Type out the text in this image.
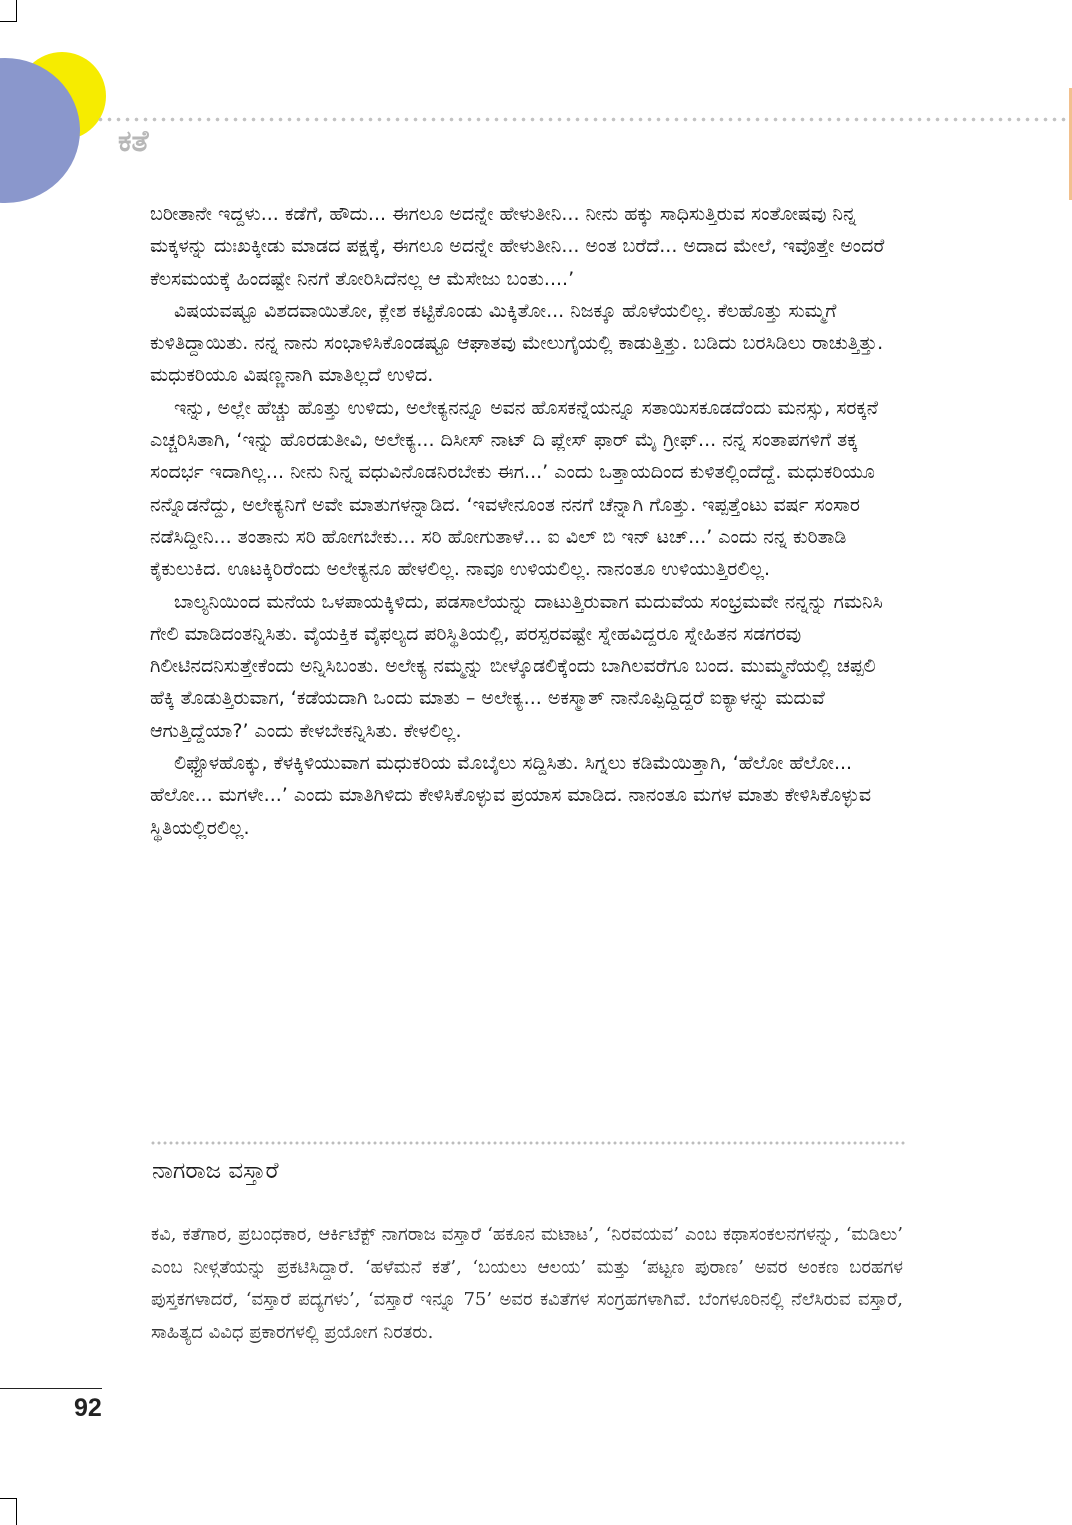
ಕತೆ

ಬರೀತಾನೇ ಇದ್ದಳು... ಕಡೆಗೆ, ಹೌದು... ಈಗಲೂ ಅದನ್ನೇ ಹೇಳುತೀನಿ... ನೀನು ಹಕ್ಕು ಸಾಧಿಸುತ್ತಿರುವ ಸಂತೋಷವು ನಿನ್ನ ಮಕ್ಕಳನ್ನು ದುಃಖಕ್ಕೀಡು ಮಾಡದ ಪಕ್ಷಕ್ಕೆ, ಈಗಲೂ ಅದನ್ನೇ ಹೇಳುತೀನಿ... ಅಂತ ಬರೆದೆ... ಅದಾದ ಮೇಲೆ, ಇವೊತ್ತೇ ಅಂದರೆ ಕೆಲಸಮಯಕ್ಕೆ ಹಿಂದಷ್ಟೇ ನಿನಗೆ ತೋರಿಸಿದೆನಲ್ಲ ಆ ಮೆಸೇಜು ಬಂತು....’

ವಿಷಯವಷ್ಟೂ ವಿಶದವಾಯಿತೋ, ಕ್ಲೇಶ ಕಟ್ಟಿಕೊಂಡು ಮಿಕ್ಕಿತೋ... ನಿಜಕ್ಕೂ ಹೊಳೆಯಲಿಲ್ಲ. ಕೆಲಹೊತ್ತು ಸುಮ್ಮಗೆ ಕುಳಿತಿದ್ದಾಯಿತು. ನನ್ನ ನಾನು ಸಂಭಾಳಿಸಿಕೊಂಡಷ್ಟೂ ಆಘಾತವು ಮೇಲುಗೈಯಲ್ಲಿ ಕಾಡುತ್ತಿತ್ತು. ಬಡಿದು ಬರಸಿಡಿಲು ರಾಚುತ್ತಿತ್ತು. ಮಧುಕರಿಯೂ ವಿಷಣ್ಣನಾಗಿ ಮಾತಿಲ್ಲದೆ ಉಳಿದ.

ಇನ್ನು, ಅಲ್ಲೇ ಹೆಚ್ಚು ಹೊತ್ತು ಉಳಿದು, ಅಲೇಕ್ಯನನ್ನೂ ಅವನ ಹೊಸಕನ್ನೆಯನ್ನೂ ಸತಾಯಿಸಕೂಡದೆಂದು ಮನಸ್ಸು, ಸರಕ್ಕನೆ ಎಚ್ಚರಿಸಿತಾಗಿ, ‘ಇನ್ನು ಹೊರಡುತೀವಿ, ಅಲೇಕ್ಯ... ದಿಸೀಸ್ ನಾಟ್ ದಿ ಪ್ಲೇಸ್ ಫಾರ್ ಮೈ ಗ್ರೀಫ್... ನನ್ನ ಸಂತಾಪಗಳಿಗೆ ತಕ್ಕ ಸಂದರ್ಭ ಇದಾಗಿಲ್ಲ... ನೀನು ನಿನ್ನ ವಧುವಿನೊಡನಿರಬೇಕು ಈಗ...’ ಎಂದು ಒತ್ತಾಯದಿಂದ ಕುಳಿತಲ್ಲಿಂದೆದ್ದೆ. ಮಧುಕರಿಯೂ ನನ್ನೊಡನೆದ್ದು, ಅಲೇಕ್ಯನಿಗೆ ಅವೇ ಮಾತುಗಳನ್ನಾಡಿದ. ‘ಇವಳೇನೂಂತ ನನಗೆ ಚೆನ್ನಾಗಿ ಗೊತ್ತು. ಇಪ್ಪತ್ತೆಂಟು ವರ್ಷ ಸಂಸಾರ ನಡೆಸಿದ್ದೀನಿ... ತಂತಾನು ಸರಿ ಹೋಗಬೇಕು... ಸರಿ ಹೋಗುತಾಳೆ... ಐ ವಿಲ್ ಬಿ ಇನ್ ಟಚ್...’ ಎಂದು ನನ್ನ ಕುರಿತಾಡಿ ಕೈಕುಲುಕಿದ. ಊಟಕ್ಕಿರಿರೆಂದು ಅಲೇಕ್ಯನೂ ಹೇಳಲಿಲ್ಲ. ನಾವೂ ಉಳಿಯಲಿಲ್ಲ. ನಾನಂತೂ ಉಳಿಯುತ್ತಿರಲಿಲ್ಲ.

ಬಾಲ್ಯನಿಯಿಂದ ಮನೆಯ ಒಳಪಾಯಕ್ಕಿಳಿದು, ಪಡಸಾಲೆಯನ್ನು ದಾಟುತ್ತಿರುವಾಗ ಮದುವೆಯ ಸಂಭ್ರಮವೇ ನನ್ನನ್ನು ಗಮನಿಸಿ ಗೇಲಿ ಮಾಡಿದಂತನ್ನಿಸಿತು. ವೈಯಕ್ತಿಕ ವೈಫಲ್ಯದ ಪರಿಸ್ಥಿತಿಯಲ್ಲಿ, ಪರಸ್ಪರವಷ್ಟೇ ಸ್ನೇಹವಿದ್ದರೂ ಸ್ನೇಹಿತನ ಸಡಗರವು ಗಿಲೀಟಿನದನಿಸುತ್ತೇಕೆಂದು ಅನ್ನಿಸಿಬಂತು. ಅಲೇಕ್ಯ ನಮ್ಮನ್ನು ಬೀಳ್ಕೊಡಲಿಕ್ಕೆಂದು ಬಾಗಿಲವರೆಗೂ ಬಂದ. ಮುಮ್ಮನೆಯಲ್ಲಿ ಚಪ್ಪಲಿ ಹೆಕ್ಕಿ ತೊಡುತ್ತಿರುವಾಗ, ‘ಕಡೆಯದಾಗಿ ಒಂದು ಮಾತು – ಅಲೇಕ್ಯ... ಅಕಸ್ಮಾತ್ ನಾನೊಪ್ಪಿದ್ದಿದ್ದರೆ ಐಕ್ಯಾಳನ್ನು ಮದುವೆ ಆಗುತ್ತಿದ್ದೆಯಾ?’ ಎಂದು ಕೇಳಬೇಕನ್ನಿಸಿತು. ಕೇಳಲಿಲ್ಲ.

ಲಿಫ್ಟೊಳಹೊಕ್ಕು, ಕೆಳಕ್ಕಿಳಿಯುವಾಗ ಮಧುಕರಿಯ ಮೊಬೈಲು ಸದ್ದಿಸಿತು. ಸಿಗ್ನಲು ಕಡಿಮೆಯಿತ್ತಾಗಿ, ‘ಹೆಲೋ ಹೆಲೋ... ಹೆಲೋ... ಮಗಳೇ...’ ಎಂದು ಮಾತಿಗಿಳಿದು ಕೇಳಿಸಿಕೊಳ್ಳುವ ಪ್ರಯಾಸ ಮಾಡಿದ. ನಾನಂತೂ ಮಗಳ ಮಾತು ಕೇಳಿಸಿಕೊಳ್ಳುವ ಸ್ಥಿತಿಯಲ್ಲಿರಲಿಲ್ಲ.

ನಾಗರಾಜ ವಸ್ತಾರೆ
ಕವಿ, ಕತೆಗಾರ, ಪ್ರಬಂಧಕಾರ, ಆರ್ಕಿಟೆಕ್ಟ್ ನಾಗರಾಜ ವಸ್ತಾರೆ ‘ಹಕೂನ ಮಟಾಟ’, ‘ನಿರವಯವ’ ಎಂಬ ಕಥಾಸಂಕಲನಗಳನ್ನು, ‘ಮಡಿಲು’ ಎಂಬ ನೀಳ್ಗತೆಯನ್ನು ಪ್ರಕಟಿಸಿದ್ದಾರೆ. ‘ಹಳೆಮನೆ ಕತೆ’, ‘ಬಯಲು ಆಲಯ’ ಮತ್ತು ‘ಪಟ್ಟಣ ಪುರಾಣ’ ಅವರ ಅಂಕಣ ಬರಹಗಳ ಪುಸ್ತಕಗಳಾದರೆ, ‘ವಸ್ತಾರೆ ಪದ್ಯಗಳು’, ‘ವಸ್ತಾರೆ ಇನ್ನೂ 75’ ಅವರ ಕವಿತೆಗಳ ಸಂಗ್ರಹಗಳಾಗಿವೆ. ಬೆಂಗಳೂರಿನಲ್ಲಿ ನೆಲೆಸಿರುವ ವಸ್ತಾರೆ, ಸಾಹಿತ್ಯದ ವಿವಿಧ ಪ್ರಕಾರಗಳಲ್ಲಿ ಪ್ರಯೋಗ ನಿರತರು.
92
